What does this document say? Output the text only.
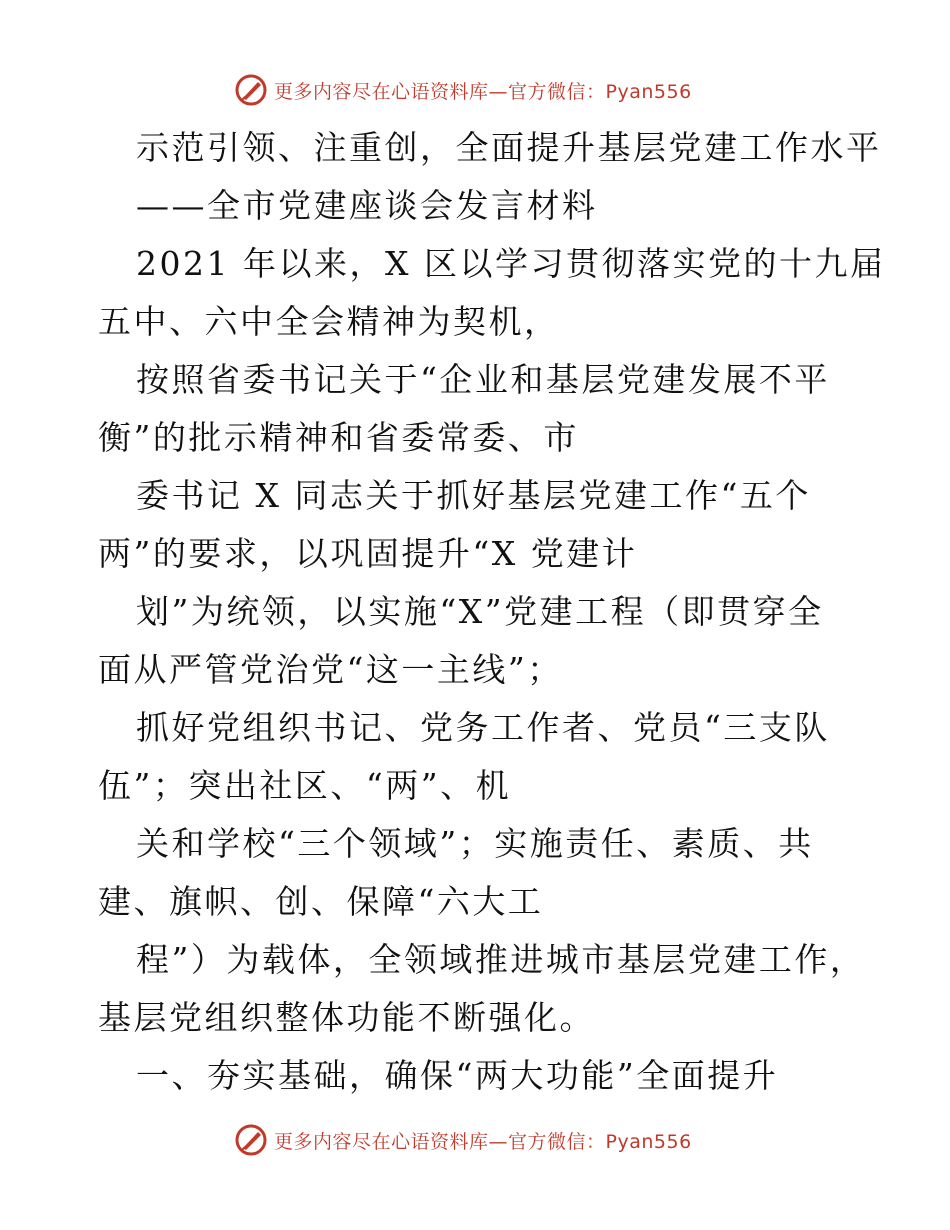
更多内容尽在心语资料库—官方微信：Pyan556
示范引领、注重创，全面提升基层党建工作水平
——全市党建座谈会发言材料
2021 年以来，X 区以学习贯彻落实党的十九届
五中、六中全会精神为契机，
按照省委书记关于“企业和基层党建发展不平
衡”的批示精神和省委常委、市
委书记 X 同志关于抓好基层党建工作“五个
两”的要求，以巩固提升“X 党建计
划”为统领，以实施“X”党建工程（即贯穿全
面从严管党治党“这一主线”；
抓好党组织书记、党务工作者、党员“三支队
伍”；突出社区、“两”、机
关和学校“三个领域”；实施责任、素质、共
建、旗帜、创、保障“六大工
程”）为载体，全领域推进城市基层党建工作，
基层党组织整体功能不断强化。
一、夯实基础，确保“两大功能”全面提升
更多内容尽在心语资料库—官方微信：Pyan556
